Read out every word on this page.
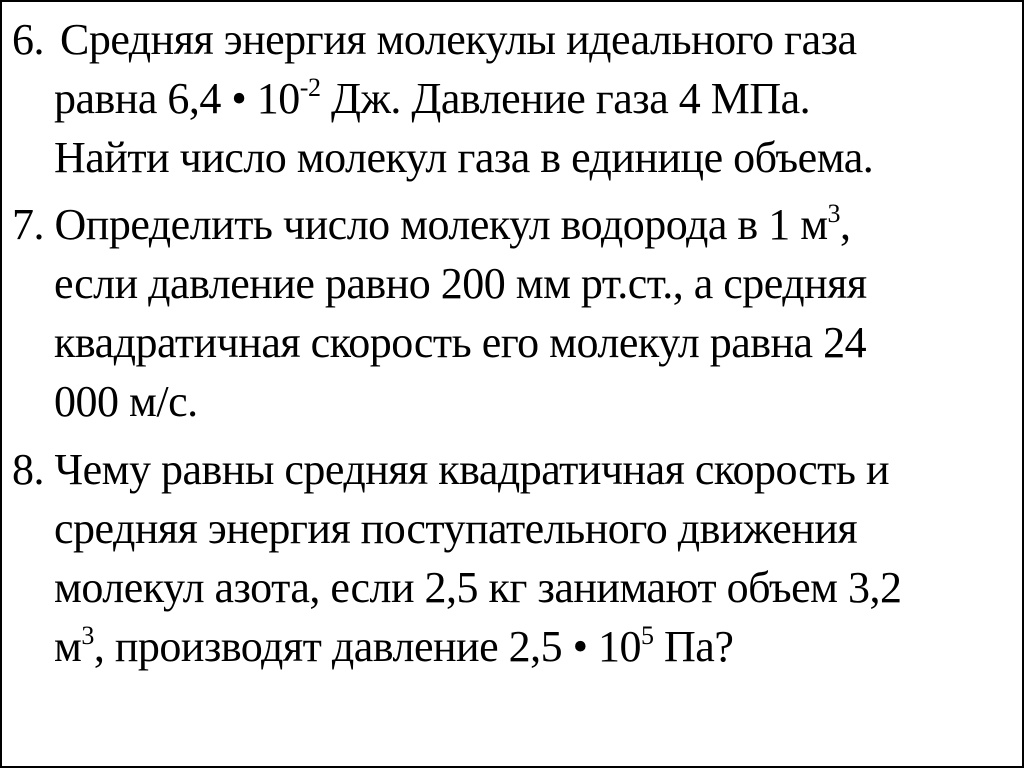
6. Средняя энергия молекулы идеального газа
равна 6,4 • $10^{-2}$ Дж. Давление газа 4 МПа.
Найти число молекул газа в единице объема.
7. Определить число молекул водорода в 1 $м^3$,
если давление равно 200 мм рт.ст., а средняя
квадратичная скорость его молекул равна 24
000 м/с.
8. Чему равны средняя квадратичная скорость и
средняя энергия поступательного движения
молекул азота, если 2,5 кг занимают объем 3,2
$м^3$, производят давление 2,5 • $10^5$ Па?
